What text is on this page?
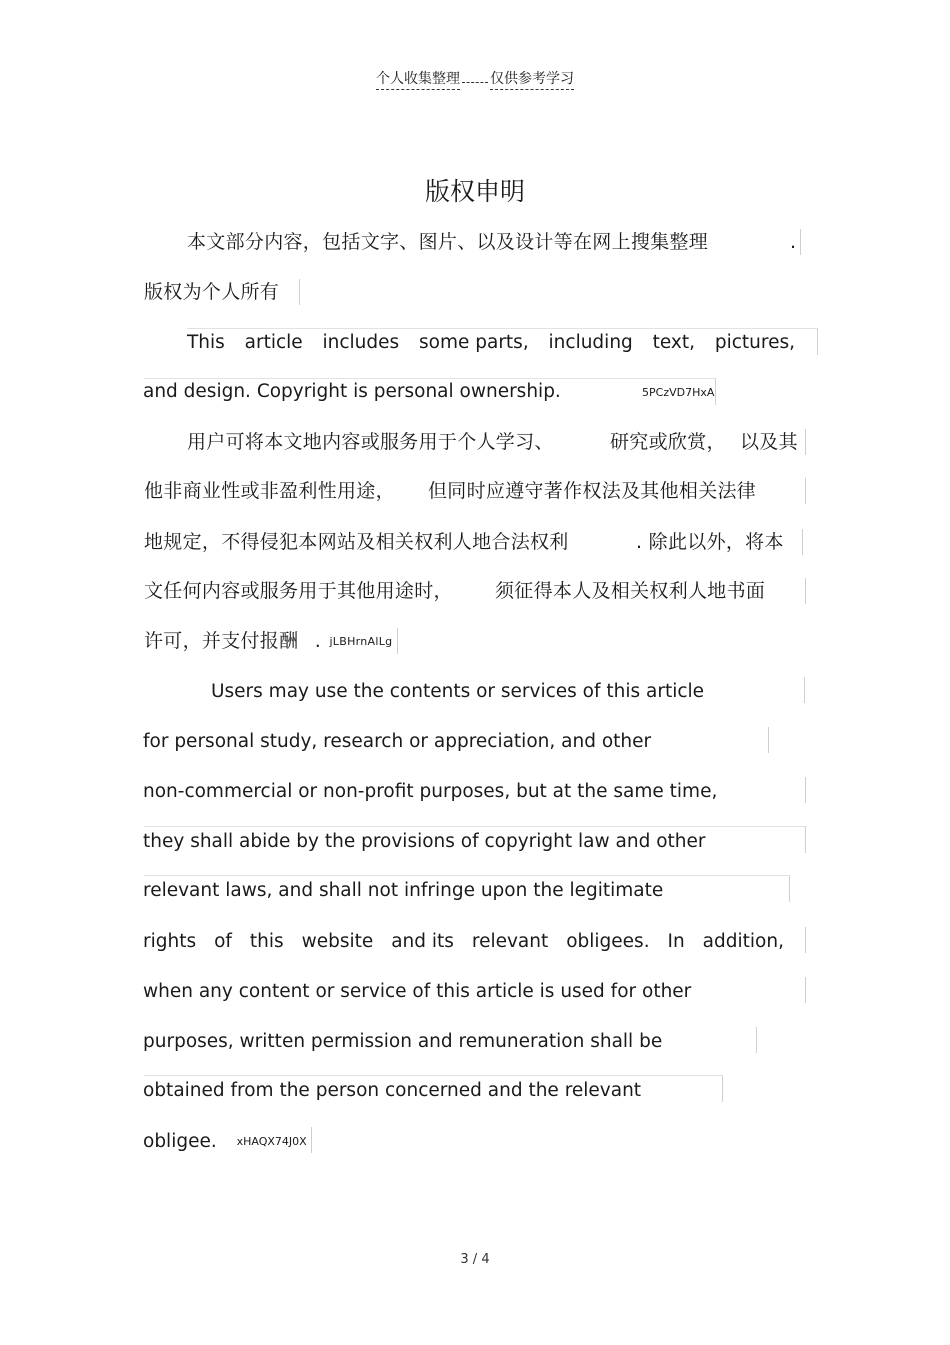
个人收集整理 仅供参考学习
版权申明
本文部分内容，包括文字、图片、以及设计等在网上搜集整理	.
版权为个人所有
This article includes some parts, including text, pictures,
and design. Copyright is personal ownership.	5PCzVD7HxA
用户可将本文地内容或服务用于个人学习、	研究或欣赏， 以及其
他非商业性或非盈利性用途， 但同时应遵守著作权法及其他相关法律
地规定，不得侵犯本网站及相关权利人地合法权利	. 除此以外，将本
文任何内容或服务用于其他用途时， 须征得本人及相关权利人地书面
许可，并支付报酬 . jLBHrnAlLg
Users may use the contents or services of this article
for personal study, research or appreciation, and other
non-commercial or non-profit purposes, but at the same time,
they shall abide by the provisions of copyright law and other
relevant laws, and shall not infringe upon the legitimate
rights of this website and its relevant obligees. In addition,
when any content or service of this article is used for other
purposes, written permission and remuneration shall be
obtained from the person concerned and the relevant
obligee. xHAQX74J0X
3 / 4
